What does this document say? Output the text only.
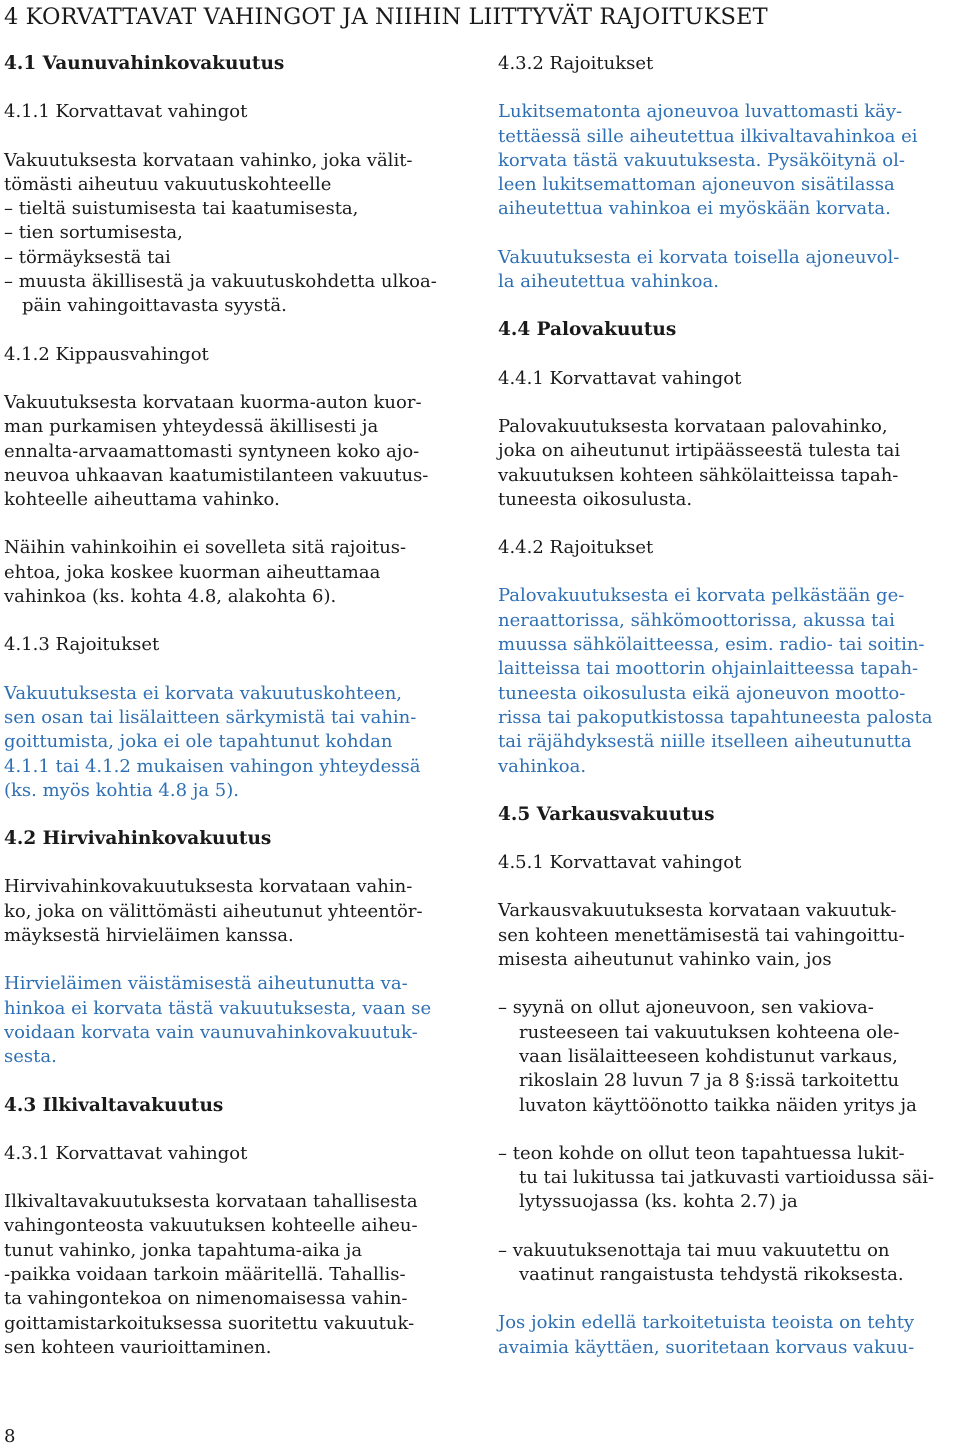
4 KORVATTAVAT VAHINGOT JA NIIHIN LIITTYVÄT RAJOITUKSET
4.1 Vaunuvahinkovakuutus
4.1.1 Korvattavat vahingot
Vakuutuksesta korvataan vahinko, joka välit-
tömästi aiheutuu vakuutuskohteelle
– tieltä suistumisesta tai kaatumisesta,
– tien sortumisesta,
– törmäyksestä tai
– muusta äkillisestä ja vakuutuskohdetta ulkoa-
päin vahingoittavasta syystä.
4.1.2 Kippausvahingot
Vakuutuksesta korvataan kuorma-auton kuor-
man purkamisen yhteydessä äkillisesti ja
ennalta-arvaamattomasti syntyneen koko ajo-
neuvoa uhkaavan kaatumistilanteen vakuutus-
kohteelle aiheuttama vahinko.
Näihin vahinkoihin ei sovelleta sitä rajoitus-
ehtoa, joka koskee kuorman aiheuttamaa
vahinkoa (ks. kohta 4.8, alakohta 6).
4.1.3 Rajoitukset
Vakuutuksesta ei korvata vakuutuskohteen,
sen osan tai lisälaitteen särkymistä tai vahin-
goittumista, joka ei ole tapahtunut kohdan
4.1.1 tai 4.1.2 mukaisen vahingon yhteydessä
(ks. myös kohtia 4.8 ja 5).
4.2 Hirvivahinkovakuutus
Hirvivahinkovakuutuksesta korvataan vahin-
ko, joka on välittömästi aiheutunut yhteentör-
mäyksestä hirvieläimen kanssa.
Hirvieläimen väistämisestä aiheutunutta va-
hinkoa ei korvata tästä vakuutuksesta, vaan se
voidaan korvata vain vaunuvahinkovakuutuk-
sesta.
4.3 Ilkivaltavakuutus
4.3.1 Korvattavat vahingot
Ilkivaltavakuutuksesta korvataan tahallisesta
vahingonteosta vakuutuksen kohteelle aiheu-
tunut vahinko, jonka tapahtuma-aika ja
-paikka voidaan tarkoin määritellä. Tahallis-
ta vahingontekoa on nimenomaisessa vahin-
goittamistarkoituksessa suoritettu vakuutuk-
sen kohteen vaurioittaminen.
4.3.2 Rajoitukset
Lukitsematonta ajoneuvoa luvattomasti käy-
tettäessä sille aiheutettua ilkivaltavahinkoa ei
korvata tästä vakuutuksesta. Pysäköitynä ol-
leen lukitsemattoman ajoneuvon sisätilassa
aiheutettua vahinkoa ei myöskään korvata.
Vakuutuksesta ei korvata toisella ajoneuvol-
la aiheutettua vahinkoa.
4.4 Palovakuutus
4.4.1 Korvattavat vahingot
Palovakuutuksesta korvataan palovahinko,
joka on aiheutunut irtipäässeestä tulesta tai
vakuutuksen kohteen sähkölaitteissa tapah-
tuneesta oikosulusta.
4.4.2 Rajoitukset
Palovakuutuksesta ei korvata pelkästään ge-
neraattorissa, sähkömoottorissa, akussa tai
muussa sähkölaitteessa, esim. radio- tai soitin-
laitteissa tai moottorin ohjainlaitteessa tapah-
tuneesta oikosulusta eikä ajoneuvon mootto-
rissa tai pakoputkistossa tapahtuneesta palosta
tai räjähdyksestä niille itselleen aiheutunutta
vahinkoa.
4.5 Varkausvakuutus
4.5.1 Korvattavat vahingot
Varkausvakuutuksesta korvataan vakuutuk-
sen kohteen menettämisestä tai vahingoittu-
misesta aiheutunut vahinko vain, jos
– syynä on ollut ajoneuvoon, sen vakiova-
rusteeseen tai vakuutuksen kohteena ole-
vaan lisälaitteeseen kohdistunut varkaus,
rikoslain 28 luvun 7 ja 8 §:issä tarkoitettu
luvaton käyttöönotto taikka näiden yritys ja
– teon kohde on ollut teon tapahtuessa lukit-
tu tai lukitussa tai jatkuvasti vartioidussa säi-
lytyssuojassa (ks. kohta 2.7) ja
– vakuutuksenottaja tai muu vakuutettu on
vaatinut rangaistusta tehdystä rikoksesta.
Jos jokin edellä tarkoitetuista teoista on tehty
avaimia käyttäen, suoritetaan korvaus vakuu-
8
